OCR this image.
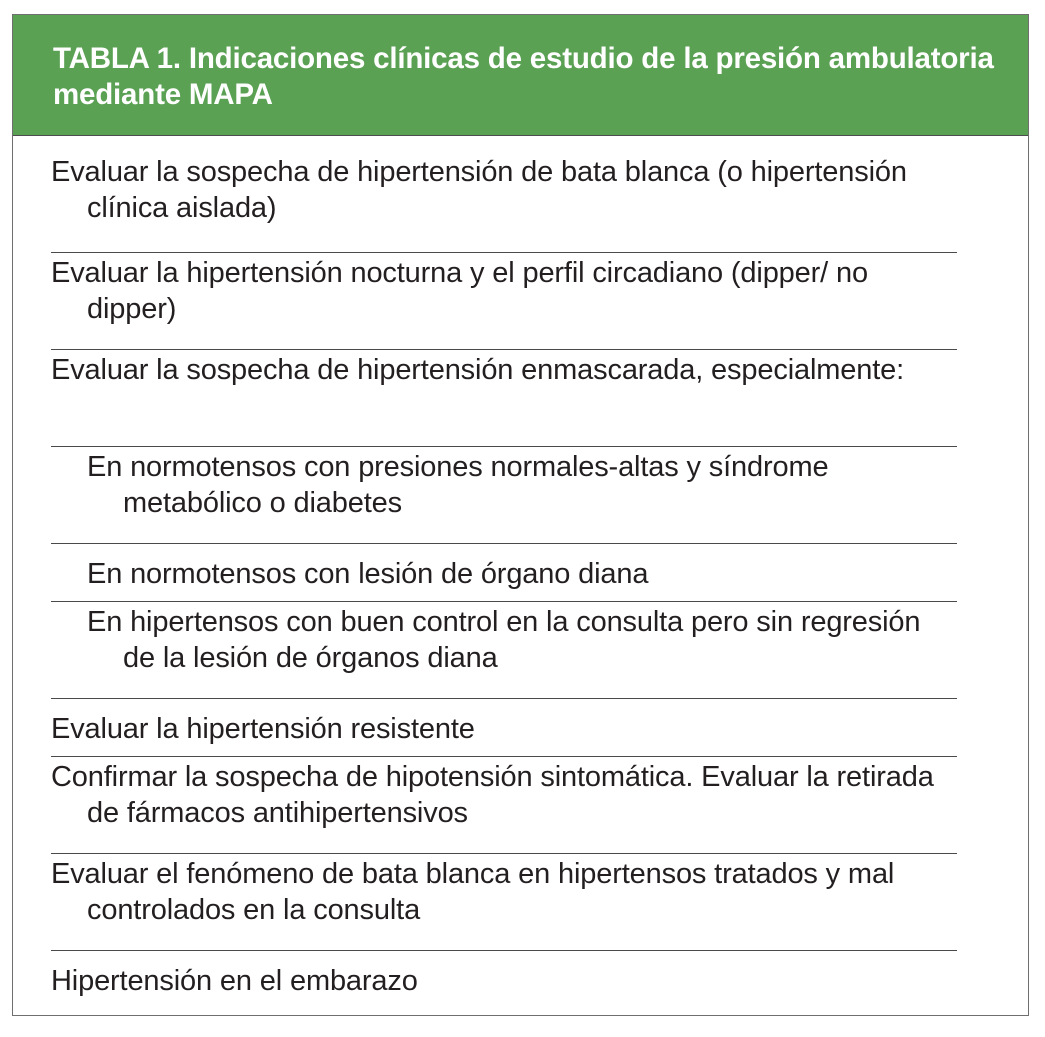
TABLA 1. Indicaciones clínicas de estudio de la presión ambulatoria mediante MAPA

Evaluar la sospecha de hipertensión de bata blanca (o hipertensión clínica aislada)
Evaluar la hipertensión nocturna y el perfil circadiano (dipper/ no dipper)
Evaluar la sospecha de hipertensión enmascarada, especialmente:
En normotensos con presiones normales-altas y síndrome metabólico o diabetes
En normotensos con lesión de órgano diana
En hipertensos con buen control en la consulta pero sin regresión de la lesión de órganos diana
Evaluar la hipertensión resistente
Confirmar la sospecha de hipotensión sintomática. Evaluar la retirada de fármacos antihipertensivos
Evaluar el fenómeno de bata blanca en hipertensos tratados y mal controlados en la consulta
Hipertensión en el embarazo
